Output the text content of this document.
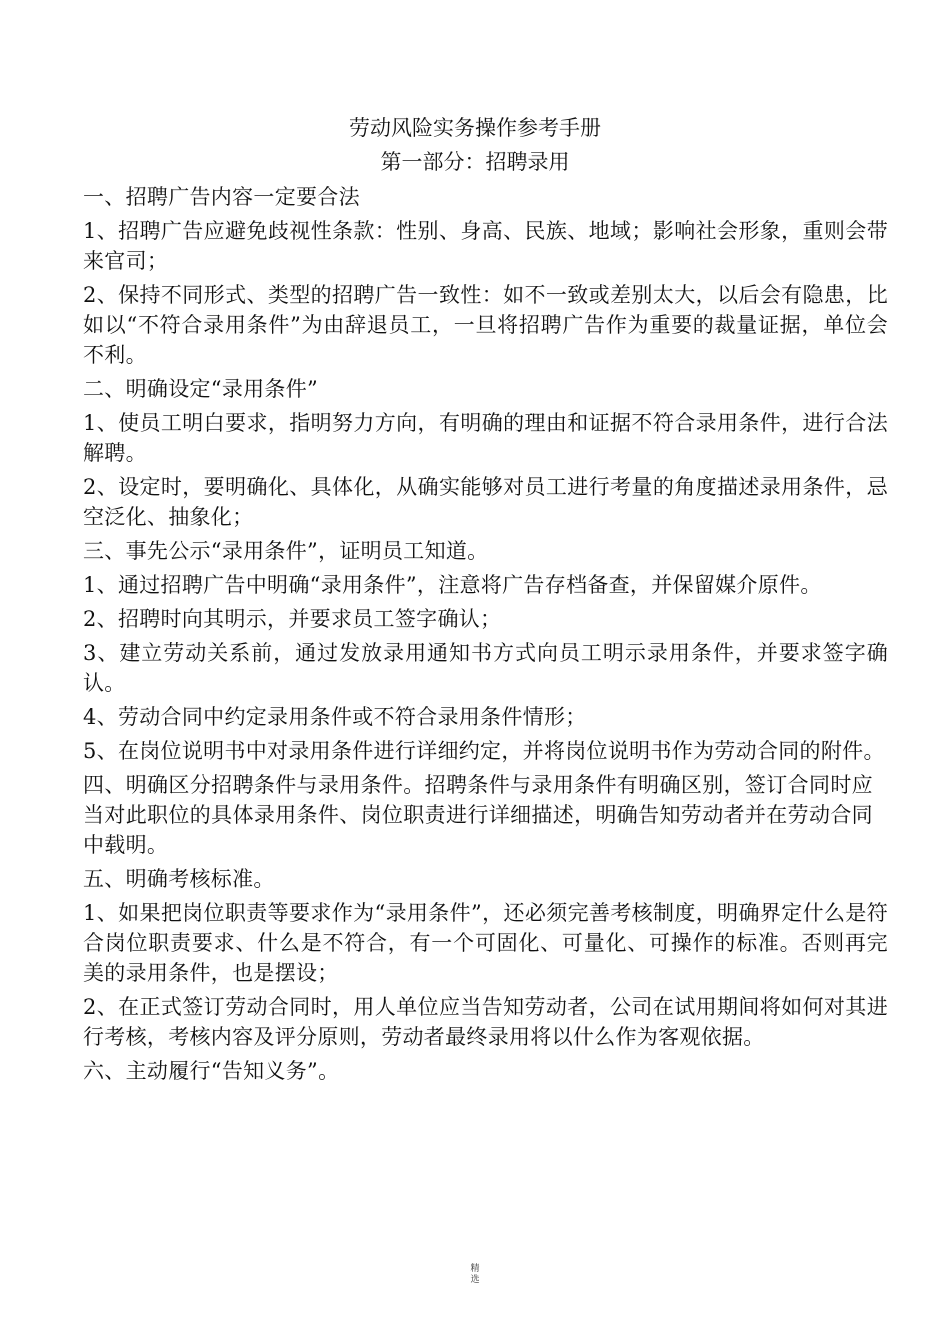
劳动风险实务操作参考手册
第一部分：招聘录用

一、招聘广告内容一定要合法

1、招聘广告应避免歧视性条款：性别、身高、民族、地域；影响社会形象，重则会带来官司；

2、保持不同形式、类型的招聘广告一致性：如不一致或差别太大，以后会有隐患，比如以“不符合录用条件”为由辞退员工，一旦将招聘广告作为重要的裁量证据，单位会不利。

二、明确设定“录用条件”

1、使员工明白要求，指明努力方向，有明确的理由和证据不符合录用条件，进行合法解聘。

2、设定时，要明确化、具体化，从确实能够对员工进行考量的角度描述录用条件，忌空泛化、抽象化；

三、事先公示“录用条件”，证明员工知道。

1、通过招聘广告中明确“录用条件”，注意将广告存档备查，并保留媒介原件。

2、招聘时向其明示，并要求员工签字确认；

3、建立劳动关系前，通过发放录用通知书方式向员工明示录用条件，并要求签字确认。

4、劳动合同中约定录用条件或不符合录用条件情形；

5、在岗位说明书中对录用条件进行详细约定，并将岗位说明书作为劳动合同的附件。

四、明确区分招聘条件与录用条件。招聘条件与录用条件有明确区别，签订合同时应当对此职位的具体录用条件、岗位职责进行详细描述，明确告知劳动者并在劳动合同中载明。

五、明确考核标准。

1、如果把岗位职责等要求作为“录用条件”，还必须完善考核制度，明确界定什么是符合岗位职责要求、什么是不符合，有一个可固化、可量化、可操作的标准。否则再完美的录用条件，也是摆设；

2、在正式签订劳动合同时，用人单位应当告知劳动者，公司在试用期间将如何对其进行考核，考核内容及评分原则，劳动者最终录用将以什么作为客观依据。

六、主动履行“告知义务”。

精
选
